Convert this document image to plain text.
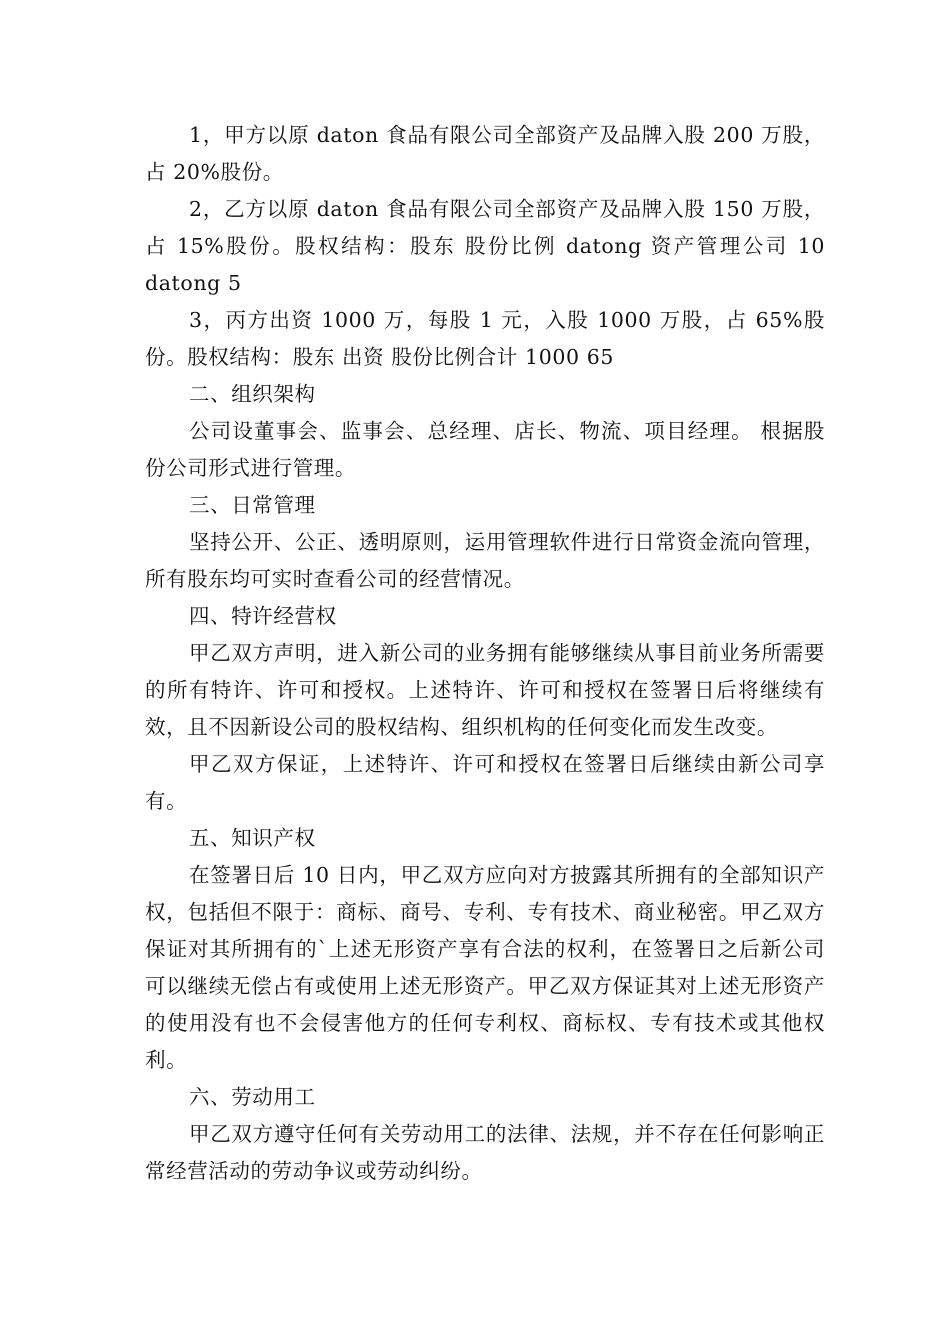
1，甲方以原 daton 食品有限公司全部资产及品牌入股 200 万股，占 20%股份。

2，乙方以原 daton 食品有限公司全部资产及品牌入股 150 万股，占 15%股份。股权结构：股东 股份比例 datong 资产管理公司 10 datong 5

3，丙方出资 1000 万，每股 1 元，入股 1000 万股，占 65%股份。股权结构：股东 出资 股份比例合计 1000 65

二、组织架构

公司设董事会、监事会、总经理、店长、物流、项目经理。 根据股份公司形式进行管理。

三、日常管理

坚持公开、公正、透明原则，运用管理软件进行日常资金流向管理，所有股东均可实时查看公司的经营情况。

四、特许经营权

甲乙双方声明，进入新公司的业务拥有能够继续从事目前业务所需要的所有特许、许可和授权。上述特许、许可和授权在签署日后将继续有效，且不因新设公司的股权结构、组织机构的任何变化而发生改变。

甲乙双方保证，上述特许、许可和授权在签署日后继续由新公司享有。

五、知识产权

在签署日后 10 日内，甲乙双方应向对方披露其所拥有的全部知识产权，包括但不限于：商标、商号、专利、专有技术、商业秘密。甲乙双方保证对其所拥有的`上述无形资产享有合法的权利，在签署日之后新公司可以继续无偿占有或使用上述无形资产。甲乙双方保证其对上述无形资产的使用没有也不会侵害他方的任何专利权、商标权、专有技术或其他权利。

六、劳动用工

甲乙双方遵守任何有关劳动用工的法律、法规，并不存在任何影响正常经营活动的劳动争议或劳动纠纷。
